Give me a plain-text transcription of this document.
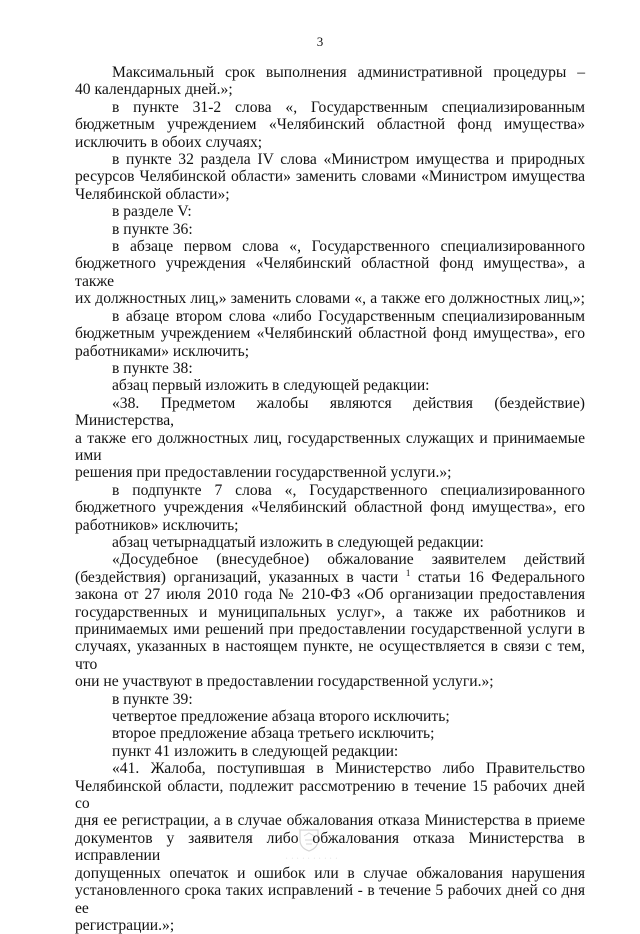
3

Максимальный срок выполнения административной процедуры –

40 календарных дней.»;

в пункте 31-2 слова «, Государственным специализированным

бюджетным учреждением «Челябинский областной фонд имущества»

исключить в обоих случаях;

в пункте 32 раздела IV слова «Министром имущества и природных

ресурсов Челябинской области» заменить словами «Министром имущества

Челябинской области»;

в разделе V:

в пункте 36:

в абзаце первом слова «, Государственного специализированного

бюджетного учреждения «Челябинский областной фонд имущества», а также

их должностных лиц,» заменить словами «, а также его должностных лиц,»;

в абзаце втором слова «либо Государственным специализированным

бюджетным учреждением «Челябинский областной фонд имущества», его

работниками» исключить;

в пункте 38:

абзац первый изложить в следующей редакции:

«38. Предметом жалобы являются действия (бездействие) Министерства,

а также его должностных лиц, государственных служащих и принимаемые ими

решения при предоставлении государственной услуги.»;

в подпункте 7 слова «, Государственного специализированного

бюджетного учреждения «Челябинский областной фонд имущества», его

работников» исключить;

абзац четырнадцатый изложить в следующей редакции:

«Досудебное (внесудебное) обжалование заявителем действий

(бездействия) организаций, указанных в части $^1$ статьи 16 Федерального

закона от 27 июля 2010 года № 210-ФЗ «Об организации предоставления

государственных и муниципальных услуг», а также их работников и

принимаемых ими решений при предоставлении государственной услуги в

случаях, указанных в настоящем пункте, не осуществляется в связи с тем, что

они не участвуют в предоставлении государственной услуги.»;

в пункте 39:

четвертое предложение абзаца второго исключить;

второе предложение абзаца третьего исключить;

пункт 41 изложить в следующей редакции:

«41. Жалоба, поступившая в Министерство либо Правительство

Челябинской области, подлежит рассмотрению в течение 15 рабочих дней со

дня ее регистрации, а в случае обжалования отказа Министерства в приеме

документов у заявителя либо обжалования отказа Министерства в исправлении

допущенных опечаток и ошибок или в случае обжалования нарушения

установленного срока таких исправлений - в течение 5 рабочих дней со дня ее

регистрации.»;

· · · · · · · · · ·
